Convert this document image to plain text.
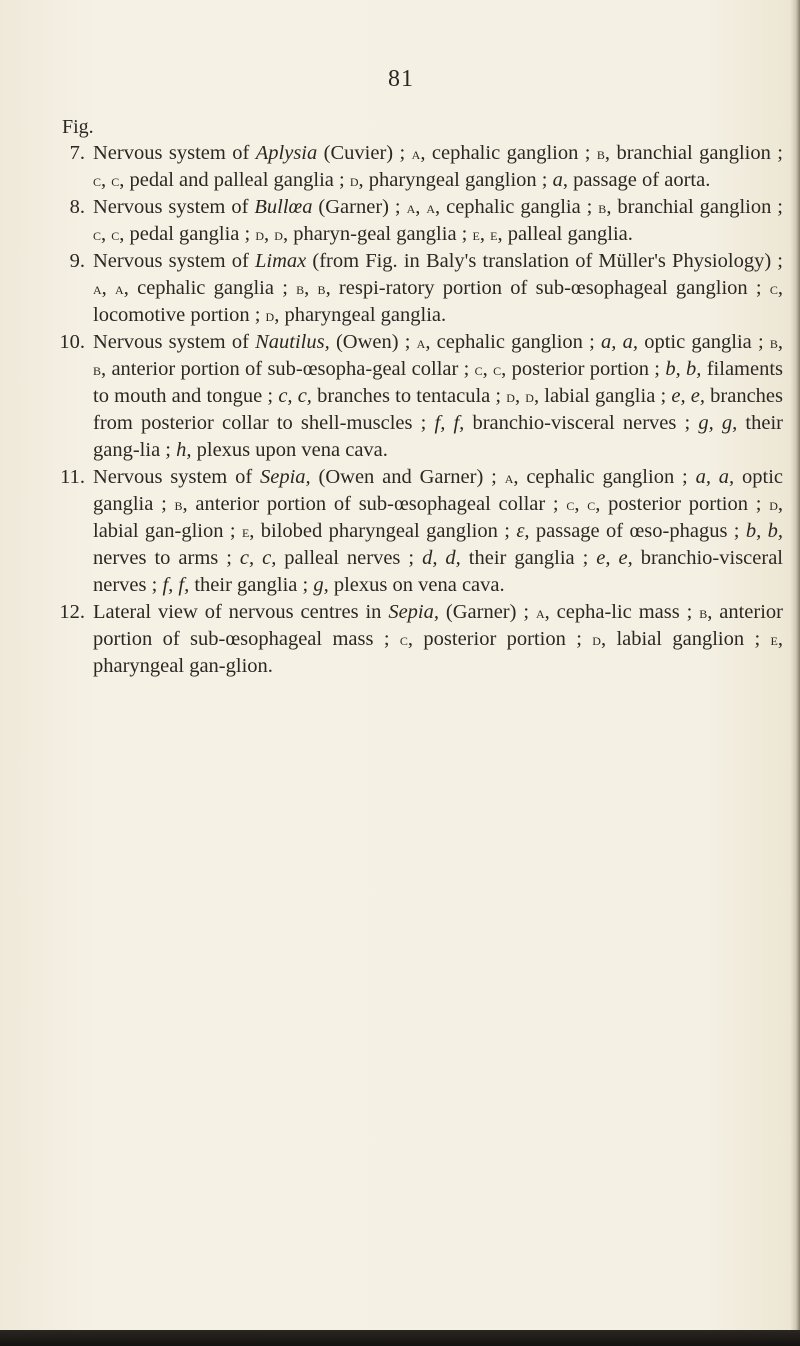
81
Fig.
7. Nervous system of Aplysia (Cuvier) ; a, cephalic ganglion ; b, branchial ganglion ; c, c, pedal and palleal ganglia ; d, pharyngeal ganglion ; a, passage of aorta.
8. Nervous system of Bullœa (Garner) ; a, a, cephalic ganglia ; b, branchial ganglion ; c, c, pedal ganglia ; d, d, pharyn-geal ganglia ; e, e, palleal ganglia.
9. Nervous system of Limax (from Fig. in Baly's translation of Müller's Physiology) ; a, a, cephalic ganglia ; b, b, respi-ratory portion of sub-œsophageal ganglion ; c, locomotive portion ; d, pharyngeal ganglia.
10. Nervous system of Nautilus, (Owen) ; a, cephalic ganglion ; a, a, optic ganglia ; b, b, anterior portion of sub-œsopha-geal collar ; c, c, posterior portion ; b, b, filaments to mouth and tongue ; c, c, branches to tentacula ; d, d, labial ganglia ; e, e, branches from posterior collar to shell-muscles ; f, f, branchio-visceral nerves ; g, g, their gang-lia ; h, plexus upon vena cava.
11. Nervous system of Sepia, (Owen and Garner) ; a, cephalic ganglion ; a, a, optic ganglia ; b, anterior portion of sub-œsophageal collar ; c, c, posterior portion ; d, labial gan-glion ; e, bilobed pharyngeal ganglion ; ε, passage of œso-phagus ; b, b, nerves to arms ; c, c, palleal nerves ; d, d, their ganglia ; e, e, branchio-visceral nerves ; f, f, their ganglia ; g, plexus on vena cava.
12. Lateral view of nervous centres in Sepia, (Garner) ; a, cepha-lic mass ; b, anterior portion of sub-œsophageal mass ; c, posterior portion ; d, labial ganglion ; e, pharyngeal gan-glion.
